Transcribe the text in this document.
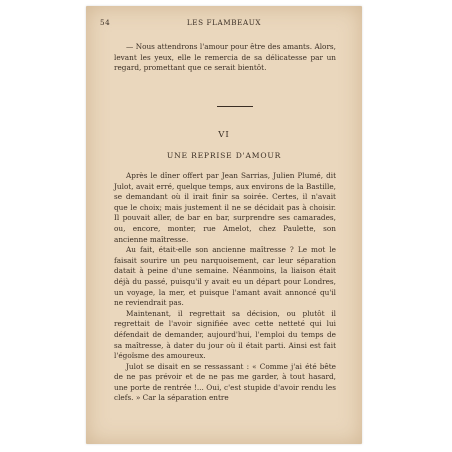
54	LES FLAMBEAUX

— Nous attendrons l'amour pour être des amants. Alors, levant les yeux, elle le remercia de sa délicatesse par un regard, promettant que ce serait bientôt.

VI
UNE REPRISE D'AMOUR

Après le dîner offert par Jean Sarrias, Julien Plumé, dit Julot, avait erré, quelque temps, aux environs de la Bastille, se demandant où il irait finir sa soirée. Certes, il n'avait que le choix; mais justement il ne se décidait pas à choisir. Il pouvait aller, de bar en bar, surprendre ses camarades, ou, encore, monter, rue Amelot, chez Paulette, son ancienne maîtresse.

Au fait, était-elle son ancienne maîtresse ? Le mot le faisait sourire un peu narquoisement, car leur séparation datait à peine d'une semaine. Néanmoins, la liaison était déjà du passé, puisqu'il y avait eu un départ pour Londres, un voyage, la mer, et puisque l'amant avait annoncé qu'il ne reviendrait pas.

Maintenant, il regrettait sa décision, ou plutôt il regrettait de l'avoir signifiée avec cette netteté qui lui défendait de demander, aujourd'hui, l'emploi du temps de sa maîtresse, à dater du jour où il était parti. Ainsi est fait l'égoïsme des amoureux.

Julot se disait en se ressassant : « Comme j'ai été bête de ne pas prévoir et de ne pas me garder, à tout hasard, une porte de rentrée !... Oui, c'est stupide d'avoir rendu les clefs. » Car la séparation entre
